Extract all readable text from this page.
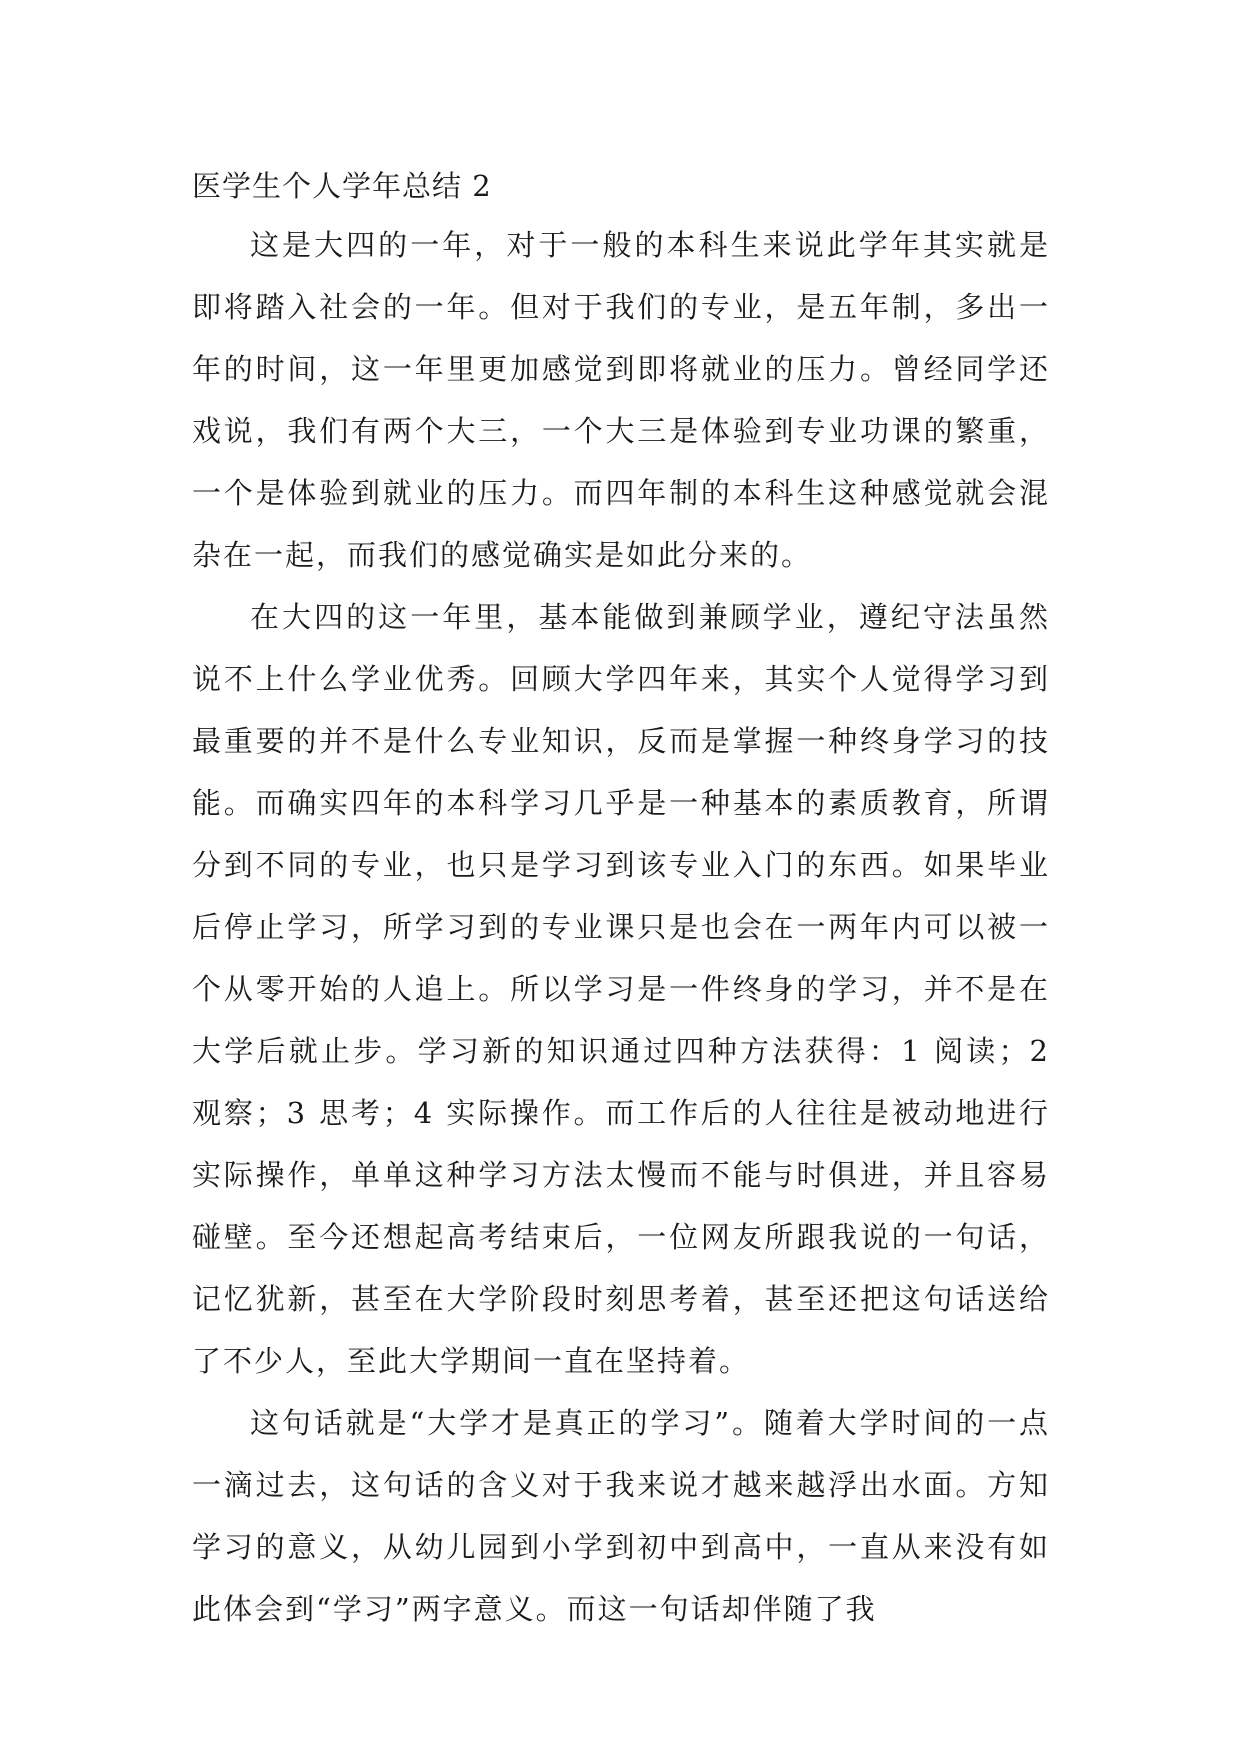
医学生个人学年总结 2

这是大四的一年，对于一般的本科生来说此学年其实就是即将踏入社会的一年。但对于我们的专业，是五年制，多出一年的时间，这一年里更加感觉到即将就业的压力。曾经同学还戏说，我们有两个大三，一个大三是体验到专业功课的繁重，一个是体验到就业的压力。而四年制的本科生这种感觉就会混杂在一起，而我们的感觉确实是如此分来的。

在大四的这一年里，基本能做到兼顾学业，遵纪守法虽然说不上什么学业优秀。回顾大学四年来，其实个人觉得学习到最重要的并不是什么专业知识，反而是掌握一种终身学习的技能。而确实四年的本科学习几乎是一种基本的素质教育，所谓分到不同的专业，也只是学习到该专业入门的东西。如果毕业后停止学习，所学习到的专业课只是也会在一两年内可以被一个从零开始的人追上。所以学习是一件终身的学习，并不是在大学后就止步。学习新的知识通过四种方法获得：1 阅读；2 观察；3 思考；4 实际操作。而工作后的人往往是被动地进行实际操作，单单这种学习方法太慢而不能与时俱进，并且容易碰壁。至今还想起高考结束后，一位网友所跟我说的一句话，记忆犹新，甚至在大学阶段时刻思考着，甚至还把这句话送给了不少人，至此大学期间一直在坚持着。

这句话就是“大学才是真正的学习”。随着大学时间的一点一滴过去，这句话的含义对于我来说才越来越浮出水面。方知学习的意义，从幼儿园到小学到初中到高中，一直从来没有如此体会到“学习”两字意义。而这一句话却伴随了我
